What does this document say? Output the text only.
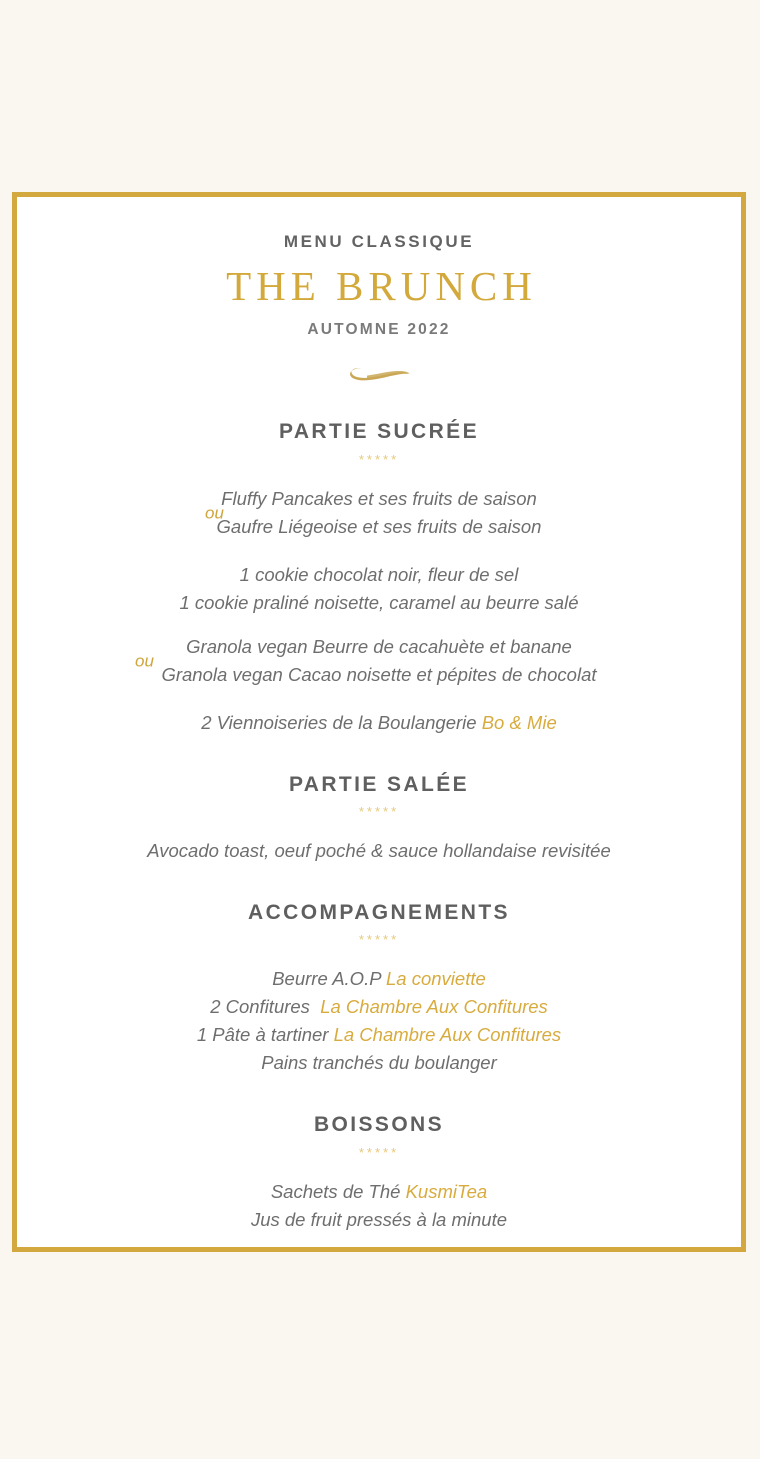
MENU CLASSIQUE
THE BRUNCH
AUTOMNE 2022
PARTIE SUCRÉE
*****
ou
Fluffy Pancakes et ses fruits de saison
Gaufre Liégeoise et ses fruits de saison
1 cookie chocolat noir, fleur de sel
1 cookie praliné noisette, caramel au beurre salé
ou
Granola vegan Beurre de cacahuète et banane
Granola vegan Cacao noisette et pépites de chocolat
2 Viennoiseries de la Boulangerie Bo & Mie
PARTIE SALÉE
*****
Avocado toast, oeuf poché & sauce hollandaise revisitée
ACCOMPAGNEMENTS
*****
Beurre A.O.P La conviette
2 Confitures  La Chambre Aux Confitures
1 Pâte à tartiner La Chambre Aux Confitures
Pains tranchés du boulanger
BOISSONS
*****
Sachets de Thé KusmiTea
Jus de fruit pressés à la minute
